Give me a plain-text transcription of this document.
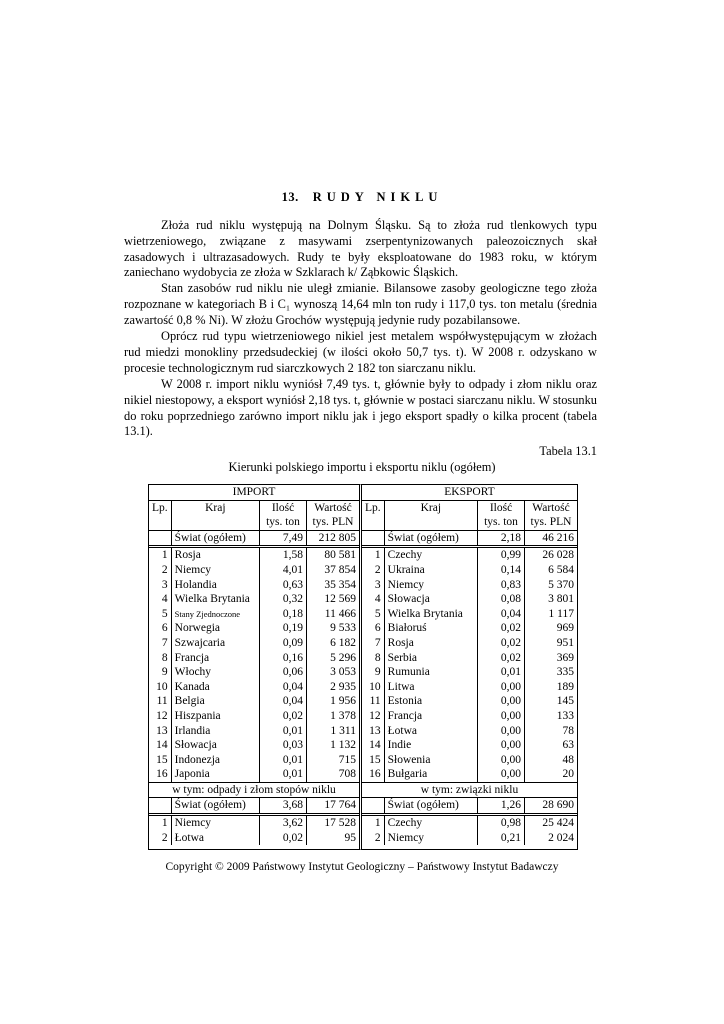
13. RUDY NIKLU
Złoża rud niklu występują na Dolnym Śląsku. Są to złoża rud tlenkowych typu wietrzeniowego, związane z masywami zserpentynizowanych paleozoicznych skał zasadowych i ultrazasadowych. Rudy te były eksploatowane do 1983 roku, w którym zaniechano wydobycia ze złoża w Szklarach k/ Ząbkowic Śląskich.
Stan zasobów rud niklu nie uległ zmianie. Bilansowe zasoby geologiczne tego złoża rozpoznane w kategoriach B i C₁ wynoszą 14,64 mln ton rudy i 117,0 tys. ton metalu (średnia zawartość 0,8 % Ni). W złożu Grochów występują jedynie rudy pozabilansowe.
Oprócz rud typu wietrzeniowego nikiel jest metalem współwystępującym w złożach rud miedzi monokliny przedsudeckiej (w ilości około 50,7 tys. t). W 2008 r. odzyskano w procesie technologicznym rud siarczkowych 2 182 ton siarczanu niklu.
W 2008 r. import niklu wyniósł 7,49 tys. t, głównie były to odpady i złom niklu oraz nikiel niestopowy, a eksport wyniósł 2,18 tys. t, głównie w postaci siarczanu niklu. W stosunku do roku poprzedniego zarówno import niklu jak i jego eksport spadły o kilka procent (tabela 13.1).
Tabela 13.1
Kierunki polskiego importu i eksportu niklu (ogółem)
IMPORT			
Lp.	Kraj	Ilość	Wartość
		tys. ton	tys. PLN
	Świat (ogółem)	7,49	212 805
1	Rosja	1,58	80 581
2	Niemcy	4,01	37 854
3	Holandia	0,63	35 354
4	Wielka Brytania	0,32	12 569
5	Stany Zjednoczone	0,18	11 466
6	Norwegia	0,19	9 533
7	Szwajcaria	0,09	6 182
8	Francja	0,16	5 296
9	Włochy	0,06	3 053
10	Kanada	0,04	2 935
11	Belgia	0,04	1 956
12	Hiszpania	0,02	1 378
13	Irlandia	0,01	1 311
14	Słowacja	0,03	1 132
15	Indonezja	0,01	715
16	Japonia	0,01	708
w tym: odpady i złom stopów niklu			
	Świat (ogółem)	3,68	17 764
1	Niemcy	3,62	17 528
2	Łotwa	0,02	95
EKSPORT			
Lp.	Kraj	Ilość	Wartość
		tys. ton	tys. PLN
	Świat (ogółem)	2,18	46 216
1	Czechy	0,99	26 028
2	Ukraina	0,14	6 584
3	Niemcy	0,83	5 370
4	Słowacja	0,08	3 801
5	Wielka Brytania	0,04	1 117
6	Białoruś	0,02	969
7	Rosja	0,02	951
8	Serbia	0,02	369
9	Rumunia	0,01	335
10	Litwa	0,00	189
11	Estonia	0,00	145
12	Francja	0,00	133
13	Łotwa	0,00	78
14	Indie	0,00	63
15	Słowenia	0,00	48
16	Bułgaria	0,00	20
w tym: związki niklu			
	Świat (ogółem)	1,26	28 690
1	Czechy	0,98	25 424
2	Niemcy	0,21	2 024
Copyright © 2009 Państwowy Instytut Geologiczny – Państwowy Instytut Badawczy
